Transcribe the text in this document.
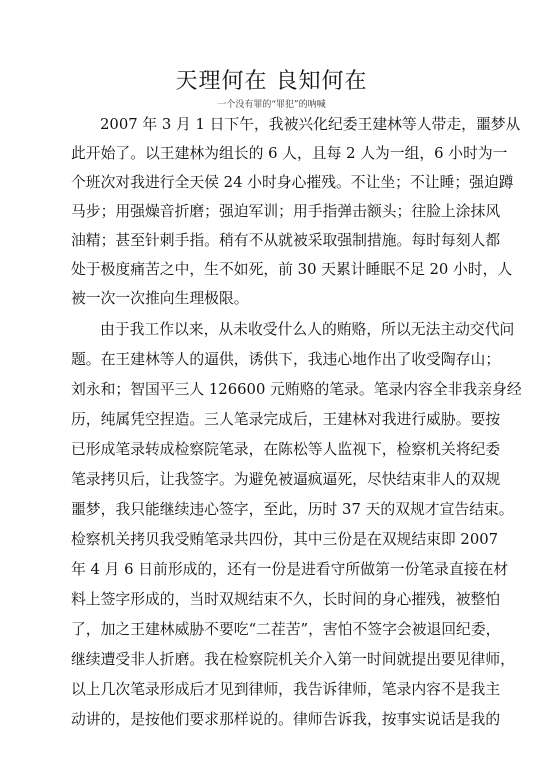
天理何在 良知何在
一个没有罪的“罪犯”的呐喊
2007 年 3 月 1 日下午，我被兴化纪委王建林等人带走，噩梦从
此开始了。以王建林为组长的 6 人，且每 2 人为一组，6 小时为一
个班次对我进行全天侯 24 小时身心摧残。不让坐；不让睡；强迫蹲
马步；用强燥音折磨；强迫军训；用手指弹击额头；往脸上涂抹风
油精；甚至针刺手指。稍有不从就被采取强制措施。每时每刻人都
处于极度痛苦之中，生不如死，前 30 天累计睡眠不足 20 小时，人
被一次一次推向生理极限。
由于我工作以来，从未收受什么人的贿赂，所以无法主动交代问
题。在王建林等人的逼供，诱供下，我违心地作出了收受陶存山；
刘永和；智国平三人 126600 元贿赂的笔录。笔录内容全非我亲身经
历，纯属凭空捏造。三人笔录完成后，王建林对我进行威胁。要按
已形成笔录转成检察院笔录，在陈松等人监视下，检察机关将纪委
笔录拷贝后，让我签字。为避免被逼疯逼死，尽快结束非人的双规
噩梦，我只能继续违心签字，至此，历时 37 天的双规才宣告结束。
检察机关拷贝我受贿笔录共四份，其中三份是在双规结束即 2007
年 4 月 6 日前形成的，还有一份是进看守所做第一份笔录直接在材
料上签字形成的，当时双规结束不久，长时间的身心摧残，被整怕
了，加之王建林威胁不要吃“二茬苦”，害怕不签字会被退回纪委，
继续遭受非人折磨。我在检察院机关介入第一时间就提出要见律师，
以上几次笔录形成后才见到律师，我告诉律师，笔录内容不是我主
动讲的，是按他们要求那样说的。律师告诉我，按事实说话是我的
